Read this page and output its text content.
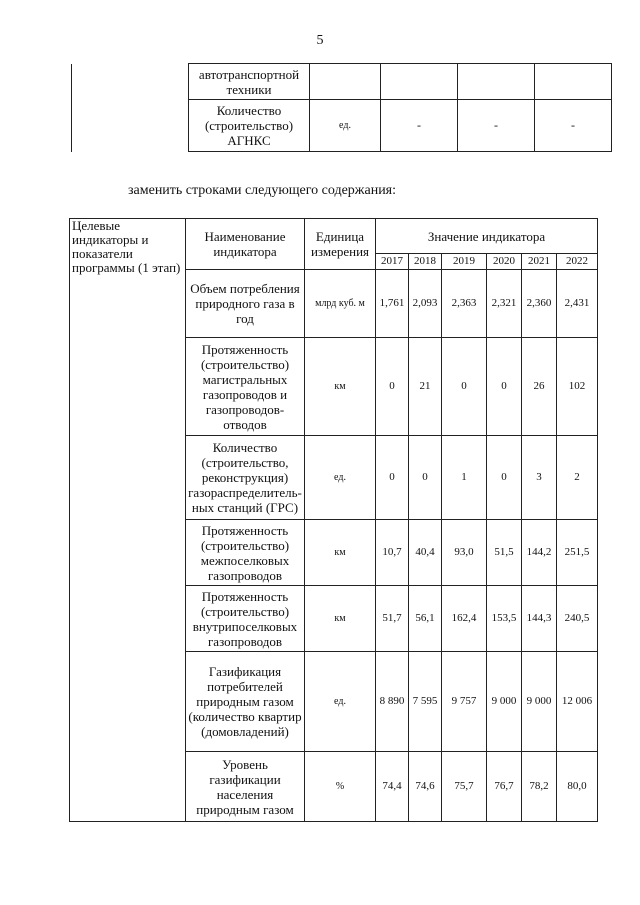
5
	автотранспортной техники				
	Количество (строительство) АГНКС	ед.	-	-	-
заменить строками следующего содержания:
Целевые индикаторы и показатели программы (1 этап)	Наименование индикатора	Единица измерения	Значение индикатора					
			2017	2018	2019	2020	2021	2022
	Объем потребления природного газа в год	млрд куб. м	1,761	2,093	2,363	2,321	2,360	2,431
	Протяженность (строительство) магистральных газопроводов и газопроводов-отводов	км	0	21	0	0	26	102
	Количество (строительство, реконструкция) газораспределитель-ных станций (ГРС)	ед.	0	0	1	0	3	2
	Протяженность (строительство) межпоселковых газопроводов	км	10,7	40,4	93,0	51,5	144,2	251,5
	Протяженность (строительство) внутрипоселковых газопроводов	км	51,7	56,1	162,4	153,5	144,3	240,5
	Газификация потребителей природным газом (количество квартир (домовладений)	ед.	8 890	7 595	9 757	9 000	9 000	12 006
	Уровень газификации населения природным газом	%	74,4	74,6	75,7	76,7	78,2	80,0
